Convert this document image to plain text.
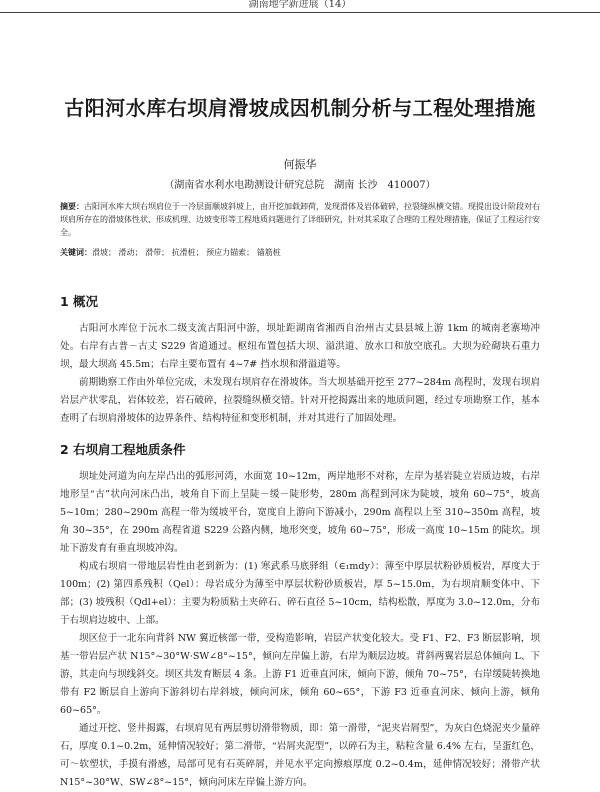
湖南地学新进展（14）
古阳河水库右坝肩滑坡成因机制分析与工程处理措施
何振华
（湖南省水利水电勘测设计研究总院　湖南 长沙　410007）
摘要：古阳河水库大坝右坝肩位于一冷层面顺坡斜坡上，由开挖加载卸荷，发现滑体及岩体破碎，拉裂缝纵横交错。现提出设计阶段对右坝肩所存在的滑坡体性状、形成机理、边坡变形等工程地质问题进行了详细研究，针对其采取了合理的工程处理措施，保证了工程运行安全。
关键词：滑坡； 滑动； 滑带； 抗滑桩； 预应力锚索； 锚筋桩
1 概况

古阳河水库位于沅水二级支流古阳河中游，坝址距湖南省湘西自治州古丈县县城上游 1km 的城南老寨坳冲处。右岸有古普－古丈 S229 省道通过。枢纽布置包括大坝、溢洪道、放水口和放空底孔。大坝为砼砌块石重力坝，最大坝高 45.5m；右岸主要布置有 4~7# 挡水坝和滑溢道等。

前期勘察工作由外单位完成，未发现右坝肩存在滑坡体。当大坝基础开挖至 277~284m 高程时，发现右坝肩岩层产状零乱，岩体较差，岩石破碎，拉裂缝纵横交错。针对开挖揭露出来的地质问题，经过专项勘察工作，基本查明了右坝肩滑坡体的边界条件、结构特征和变形机制，并对其进行了加固处理。

2 右坝肩工程地质条件

坝址处河道为向左岸凸出的弧形河湾，水面宽 10~12m，两岸地形不对称，左岸为基岩陡立岩质边坡，右岸地形呈“古”状向河床凸出，坡角自下而上呈陡－缓－陡形势，280m 高程到河床为陡坡，坡角 60~75°，坡高 5~10m；280~290m 高程一带为缓坡平台，宽度自上游向下游减小，290m 高程以上至 310~350m 高程，坡角 30~35°，在 290m 高程省道 S229 公路内侧，地形突变，坡角 60~75°，形成一高度 10~15m 的陡坎。坝址下游发育有垂直坝坡冲沟。

构成右坝肩一带地层岩性由老到新为：(1) 寒武系马底驿组（∈₁mdy）：薄至中厚层状粉砂质板岩，厚度大于 100m；(2) 第四系残积（Qel）：母岩成分为薄至中厚层状粉砂质板岩，厚 5~15.0m，为右坝肩顺变体中、下部；(3) 坡残积（Qdl+el）：主要为粉质粘土夹碎石、碎石直径 5~10cm，结构松散，厚度为 3.0~12.0m，分布于右坝肩边坡中、上部。

坝区位于一北东向背斜 NW 翼近核部一带，受构造影响，岩层产状变化较大。受 F1、F2、F3 断层影响，坝基一带岩层产状 N15°~30°W·SW∠8°~15°，倾向左岸偏上游，右岸为顺层边坡。背斜两翼岩层总体倾向 L、下游，其走向与坝线斜交。坝区共发育断层 4 条。上游 F1 近垂直河床，倾向下游，倾角 70~75°，右岸缓陡转换地带有 F2 断层自上游向下游斜切右岸斜坡，倾向河床，倾角 60~65°，下游 F3 近垂直河床、倾向上游，倾角 60~65°。

通过开挖、竖井揭露，右坝肩见有两层剪切滑带物质，即：第一滑带，“泥夹岩屑型”，为灰白色烧泥夹少量碎石，厚度 0.1~0.2m，延伸情况较好；第二滑带，“岩屑夹泥型”，以碎石为主，粘粒含量 6.4% 左右，呈蛋红色，可～软塑状，手摸有滑感，局部可见有石英碎屑，并见水平定向擦痕厚度 0.2~0.4m，延伸情况较好；滑带产状 N15°~30°W、SW∠8°~15°，倾向河床左岸偏上游方向。
